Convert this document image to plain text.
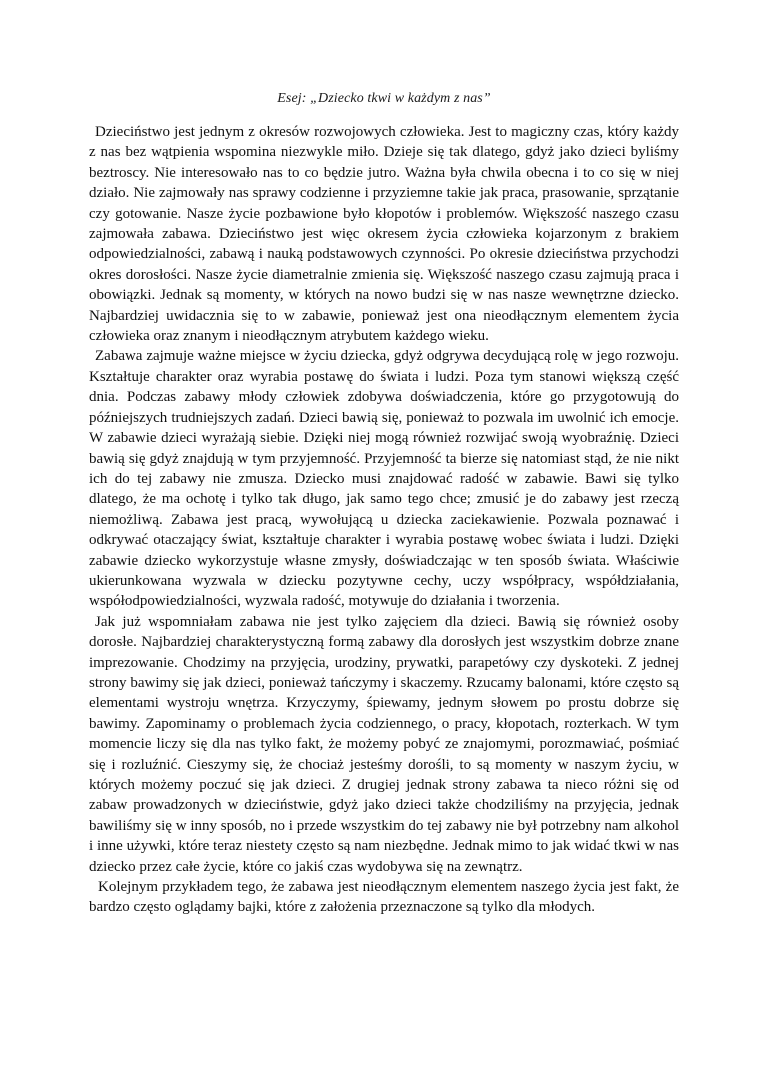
Esej: „Dziecko tkwi w każdym z nas”

Dzieciństwo jest jednym z okresów rozwojowych człowieka. Jest to magiczny czas, który każdy z nas bez wątpienia wspomina niezwykle miło. Dzieje się tak dlatego, gdyż jako dzieci byliśmy beztroscy. Nie interesowało nas to co będzie jutro. Ważna była chwila obecna i to co się w niej działo. Nie zajmowały nas sprawy codzienne i przyziemne takie jak praca, prasowanie, sprzątanie czy gotowanie. Nasze życie pozbawione było kłopotów i problemów. Większość naszego czasu zajmowała zabawa. Dzieciństwo jest więc okresem życia człowieka kojarzonym z brakiem odpowiedzialności, zabawą i nauką podstawowych czynności. Po okresie dzieciństwa przychodzi okres dorosłości. Nasze życie diametralnie zmienia się. Większość naszego czasu zajmują praca i obowiązki. Jednak są momenty, w których na nowo budzi się w nas nasze wewnętrzne dziecko. Najbardziej uwidacznia się to w zabawie, ponieważ jest ona nieodłącznym elementem życia człowieka oraz znanym i nieodłącznym atrybutem każdego wieku.

Zabawa zajmuje ważne miejsce w życiu dziecka, gdyż odgrywa decydującą rolę w jego rozwoju. Kształtuje charakter oraz wyrabia postawę do świata i ludzi. Poza tym stanowi większą część dnia. Podczas zabawy młody człowiek zdobywa doświadczenia, które go przygotowują do późniejszych trudniejszych zadań. Dzieci bawią się, ponieważ to pozwala im uwolnić ich emocje. W zabawie dzieci wyrażają siebie. Dzięki niej mogą również rozwijać swoją wyobraźnię. Dzieci bawią się gdyż znajdują w tym przyjemność. Przyjemność ta bierze się natomiast stąd, że nie nikt ich do tej zabawy nie zmusza. Dziecko musi znajdować radość w zabawie. Bawi się tylko dlatego, że ma ochotę i tylko tak długo, jak samo tego chce; zmusić je do zabawy jest rzeczą niemożliwą. Zabawa jest pracą, wywołującą u dziecka zaciekawienie. Pozwala poznawać i odkrywać otaczający świat, kształtuje charakter i wyrabia postawę wobec świata i ludzi. Dzięki zabawie dziecko wykorzystuje własne zmysły, doświadczając w ten sposób świata. Właściwie ukierunkowana wyzwala w dziecku pozytywne cechy, uczy współpracy, współdziałania, współodpowiedzialności, wyzwala radość, motywuje do działania i tworzenia.

Jak już wspomniałam zabawa nie jest tylko zajęciem dla dzieci. Bawią się również osoby dorosłe. Najbardziej charakterystyczną formą zabawy dla dorosłych jest wszystkim dobrze znane imprezowanie. Chodzimy na przyjęcia, urodziny, prywatki, parapetówy czy dyskoteki. Z jednej strony bawimy się jak dzieci, ponieważ tańczymy i skaczemy. Rzucamy balonami, które często są elementami wystroju wnętrza. Krzyczymy, śpiewamy, jednym słowem po prostu dobrze się bawimy. Zapominamy o problemach życia codziennego, o pracy, kłopotach, rozterkach. W tym momencie liczy się dla nas tylko fakt, że możemy pobyć ze znajomymi, porozmawiać, pośmiać się i rozluźnić. Cieszymy się, że chociaż jesteśmy dorośli, to są momenty w naszym życiu, w których możemy poczuć się jak dzieci. Z drugiej jednak strony zabawa ta nieco różni się od zabaw prowadzonych w dzieciństwie, gdyż jako dzieci także chodziliśmy na przyjęcia, jednak bawiliśmy się w inny sposób, no i przede wszystkim do tej zabawy nie był potrzebny nam alkohol i inne używki, które teraz niestety często są nam niezbędne. Jednak mimo to jak widać tkwi w nas dziecko przez całe życie, które co jakiś czas wydobywa się na zewnątrz.

Kolejnym przykładem tego, że zabawa jest nieodłącznym elementem naszego życia jest fakt, że bardzo często oglądamy bajki, które z założenia przeznaczone są tylko dla młodych.
